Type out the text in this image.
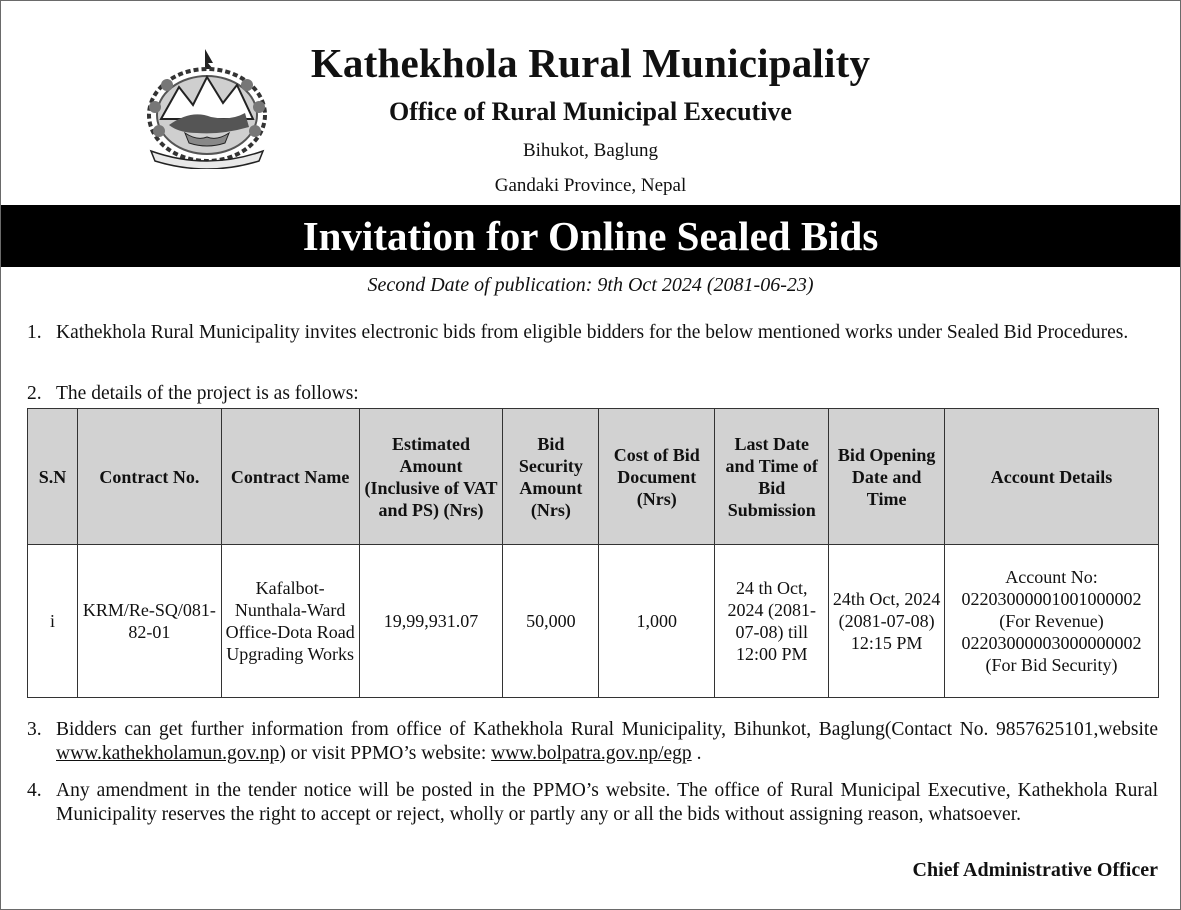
· · · · · · · · ·
Kathekhola Rural Municipality
Office of Rural Municipal Executive
Bihukot, Baglung
Gandaki Province, Nepal
Invitation for Online Sealed Bids
Second Date of publication: 9th Oct 2024 (2081-06-23)
1. Kathekhola Rural Municipality invites electronic bids from eligible bidders for the below mentioned works under Sealed Bid Procedures.
2. The details of the project is as follows:
S.N	Contract No.	Contract Name	Estimated Amount (Inclusive of VAT and PS) (Nrs)	Bid Security Amount (Nrs)	Cost of Bid Document (Nrs)	Last Date and Time of Bid Submission	Bid Opening Date and Time	Account Details
i	KRM/Re-SQ/081-82-01	Kafalbot-Nunthala-Ward Office-Dota Road Upgrading Works	19,99,931.07	50,000	1,000	24 th Oct, 2024 (2081-07-08) till 12:00 PM	24th Oct, 2024 (2081-07-08) 12:15 PM	Account No:
02203000001001000002
(For Revenue)
02203000003000000002
(For Bid Security)
3. Bidders can get further information from office of Kathekhola Rural Municipality, Bihunkot, Baglung(Contact No. 9857625101,website www.kathekholamun.gov.np) or visit PPMO’s website: www.bolpatra.gov.np/egp .
4. Any amendment in the tender notice will be posted in the PPMO’s website. The office of Rural Municipal Executive, Kathekhola Rural Municipality reserves the right to accept or reject, wholly or partly any or all the bids without assigning reason, whatsoever.
Chief Administrative Officer
